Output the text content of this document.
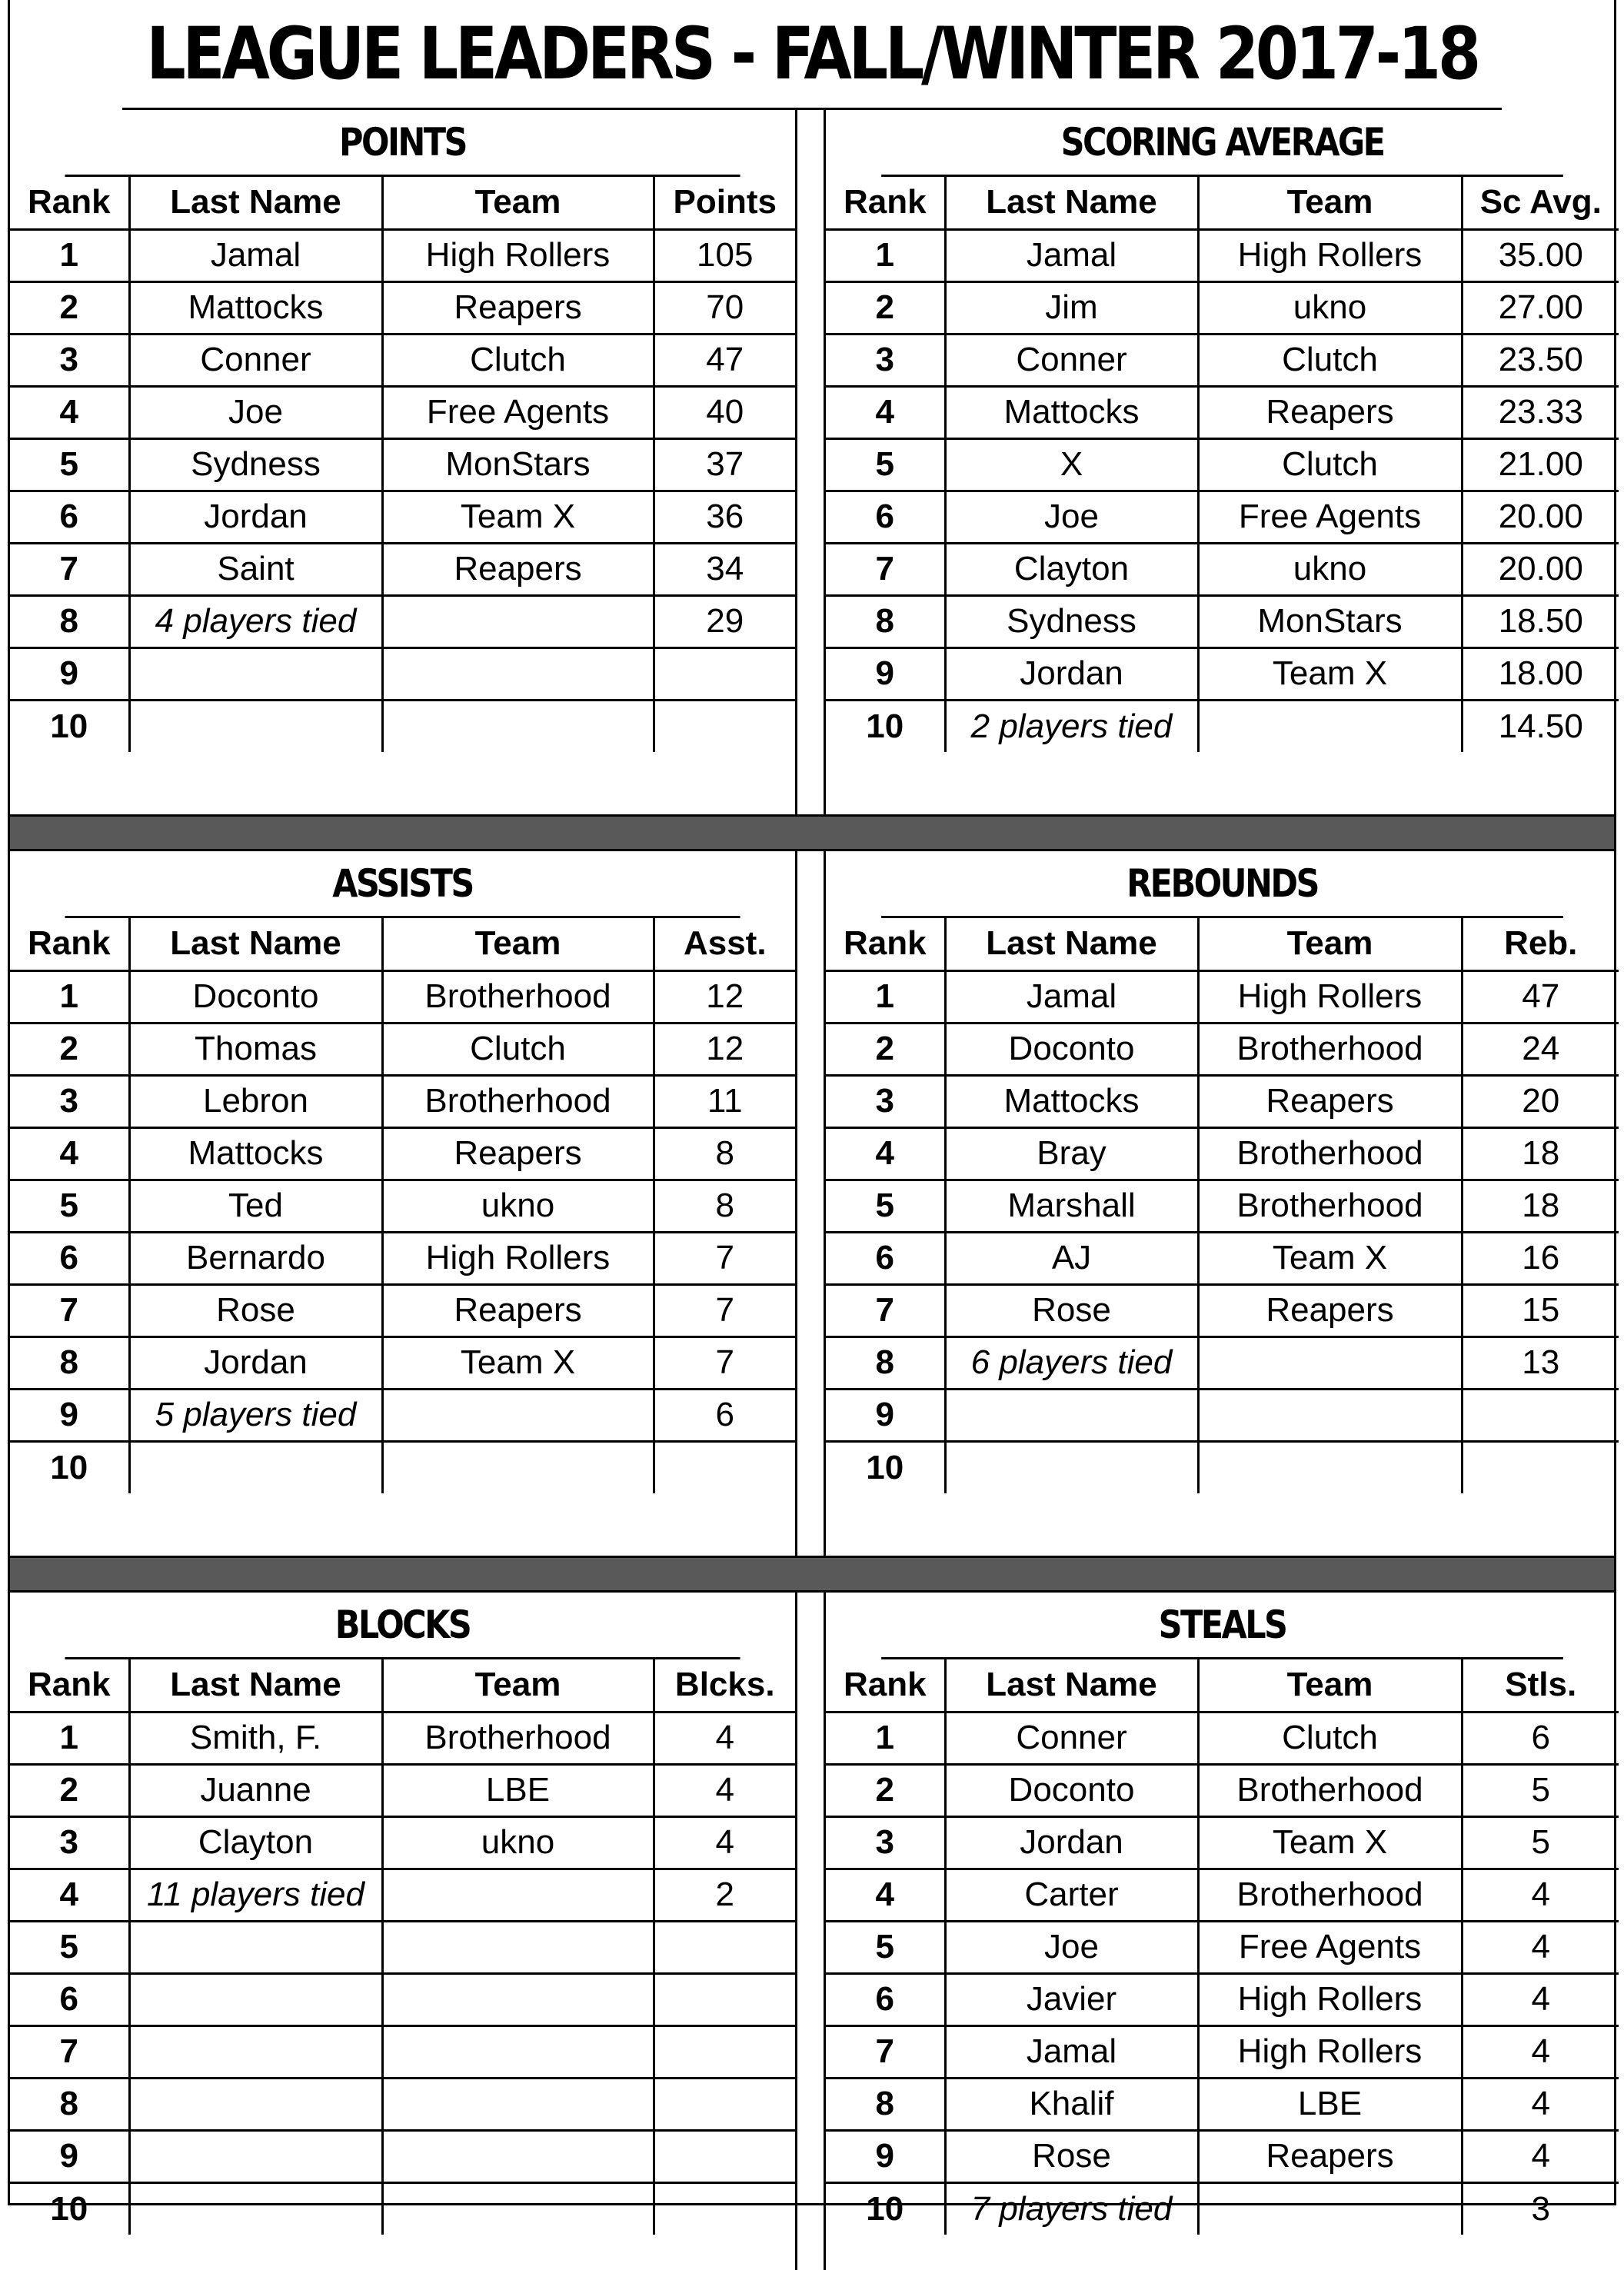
LEAGUE LEADERS - FALL/WINTER 2017-18
POINTS
Rank	Last Name	Team	Points
1	Jamal	High Rollers	105
2	Mattocks	Reapers	70
3	Conner	Clutch	47
4	Joe	Free Agents	40
5	Sydness	MonStars	37
6	Jordan	Team X	36
7	Saint	Reapers	34
8	4 players tied		29
9			
10			
SCORING AVERAGE
Rank	Last Name	Team	Sc Avg.
1	Jamal	High Rollers	35.00
2	Jim	ukno	27.00
3	Conner	Clutch	23.50
4	Mattocks	Reapers	23.33
5	X	Clutch	21.00
6	Joe	Free Agents	20.00
7	Clayton	ukno	20.00
8	Sydness	MonStars	18.50
9	Jordan	Team X	18.00
10	2 players tied		14.50
ASSISTS
Rank	Last Name	Team	Asst.
1	Doconto	Brotherhood	12
2	Thomas	Clutch	12
3	Lebron	Brotherhood	11
4	Mattocks	Reapers	8
5	Ted	ukno	8
6	Bernardo	High Rollers	7
7	Rose	Reapers	7
8	Jordan	Team X	7
9	5 players tied		6
10			
REBOUNDS
Rank	Last Name	Team	Reb.
1	Jamal	High Rollers	47
2	Doconto	Brotherhood	24
3	Mattocks	Reapers	20
4	Bray	Brotherhood	18
5	Marshall	Brotherhood	18
6	AJ	Team X	16
7	Rose	Reapers	15
8	6 players tied		13
9			
10			
BLOCKS
Rank	Last Name	Team	Blcks.
1	Smith, F.	Brotherhood	4
2	Juanne	LBE	4
3	Clayton	ukno	4
4	11 players tied		2
5			
6			
7			
8			
9			
10			
STEALS
Rank	Last Name	Team	Stls.
1	Conner	Clutch	6
2	Doconto	Brotherhood	5
3	Jordan	Team X	5
4	Carter	Brotherhood	4
5	Joe	Free Agents	4
6	Javier	High Rollers	4
7	Jamal	High Rollers	4
8	Khalif	LBE	4
9	Rose	Reapers	4
10	7 players tied		3
